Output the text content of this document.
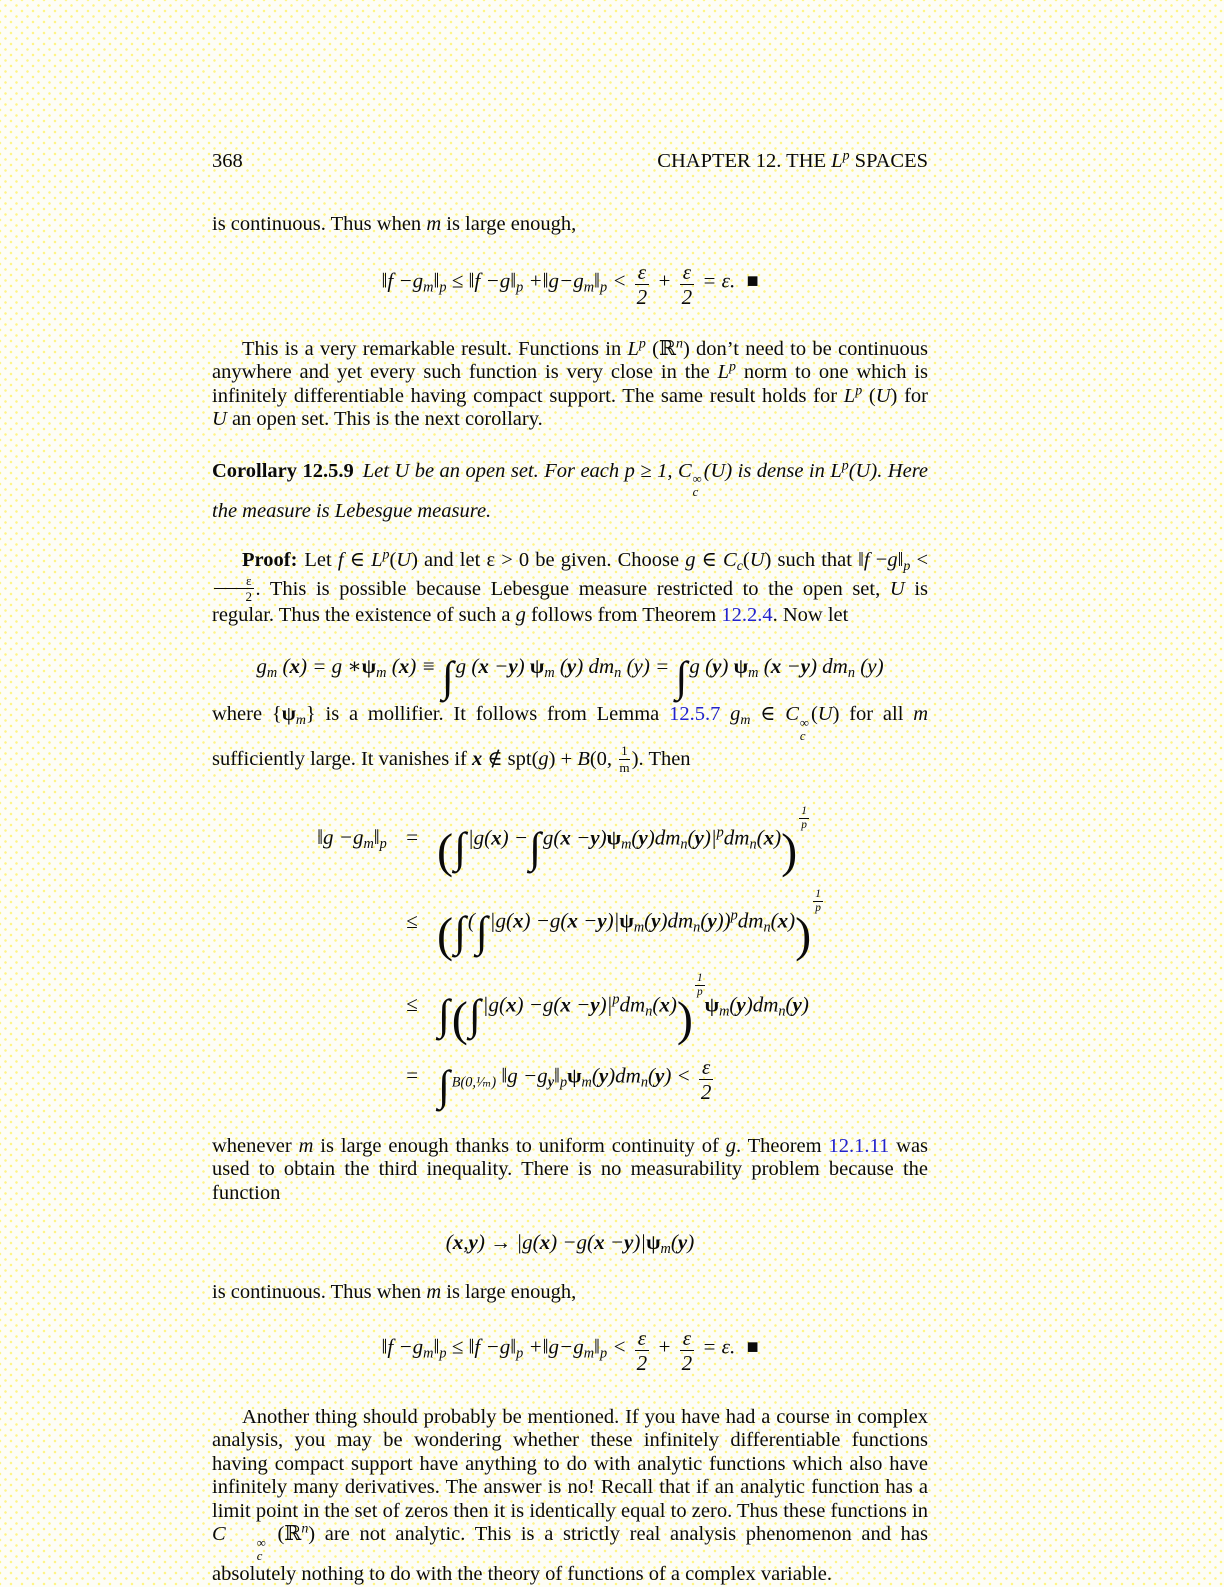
368	CHAPTER 12. THE $L^p$ SPACES

is continuous. Thus when m is large enough,

‖f $-g_m‖_p$ ≤ ‖f $-g‖_p$ $+‖g-g_m‖_p < \frac{\varepsilon}{2} + \frac{\varepsilon}{2} = \varepsilon$. ■

This is a very remarkable result. Functions in $L^p$ (ℝ$^n$) don’t need to be continuous anywhere and yet every such function is very close in the $L^p$ norm to one which is infinitely differentiable having compact support. The same result holds for $L^p$ (U) for U an open set. This is the next corollary.

Corollary 12.5.9 Let U be an open set. For each p ≥ 1, C ∞
c
(U) is dense in $L^p(U)$. Here the measure is Lebesgue measure.

Proof: Let f ∈ $L^p(U)$ and let ε > 0 be given. Choose g ∈ $C_c(U)$ such that ‖f $-g‖_p$ <
$\frac{\varepsilon}{2}$ . This is possible because Lebesgue measure restricted to the open set, U is regular. Thus the existence of such a g follows from Theorem 12.2.4. Now let

$g_m$ (x) = g $∗\psi_m$ (x) ≡ ∫g (x −y) $\psi_m$ (y) $dm_n$ (y) = ∫g (y) $\psi_m$ (x −y) $dm_n$ (y)

where $\{\psi_m\}$ is a mollifier. It follows from Lemma 12.5.7 $g_m$ ∈ C ∞
c
(U) for all m sufficiently large. It vanishes if x ∉ spt(g) + B(0, $\frac{1}{m}$ ). Then

‖g $-g_m‖_p = (\int|g(x) -\int g(x -y)\psi_m(y)dm_n(y)|^pdm_n(x))$
$\frac{1}{p}$
≤ $(\int(\int|g(x) -g(x -y)|\psi_m(y)dm_n(y))^pdm_n(x))$
$\frac{1}{p}$
≤ $\int(\int|g(x) -g(x -y)|^pdm_n(x))$
$\frac{1}{p}$
$\psi_m(y)dm_n(y)$
= ∫ $_{B(0,^1∕_m)}$ ‖g $-g_y‖_p\psi_m(y)dm_n(y) < \frac{\varepsilon}{2}$

whenever m is large enough thanks to uniform continuity of g. Theorem 12.1.11 was used to obtain the third inequality. There is no measurability problem because the function

$(x,y) \to |g(x) -g(x -y)|\psi_m(y)$

is continuous. Thus when m is large enough,

‖f $-g_m‖_p$ ≤ ‖f $-g‖_p$ $+‖g-g_m‖_p < \frac{\varepsilon}{2} + \frac{\varepsilon}{2} = \varepsilon$. ■

Another thing should probably be mentioned. If you have had a course in complex analysis, you may be wondering whether these infinitely differentiable functions having compact support have anything to do with analytic functions which also have infinitely many derivatives. The answer is no! Recall that if an analytic function has a limit point in the set of zeros then it is identically equal to zero. Thus these functions in C	∞
c
(ℝ$^n$) are not analytic. This is a strictly real analysis phenomenon and has absolutely nothing to do with the theory of functions of a complex variable.
